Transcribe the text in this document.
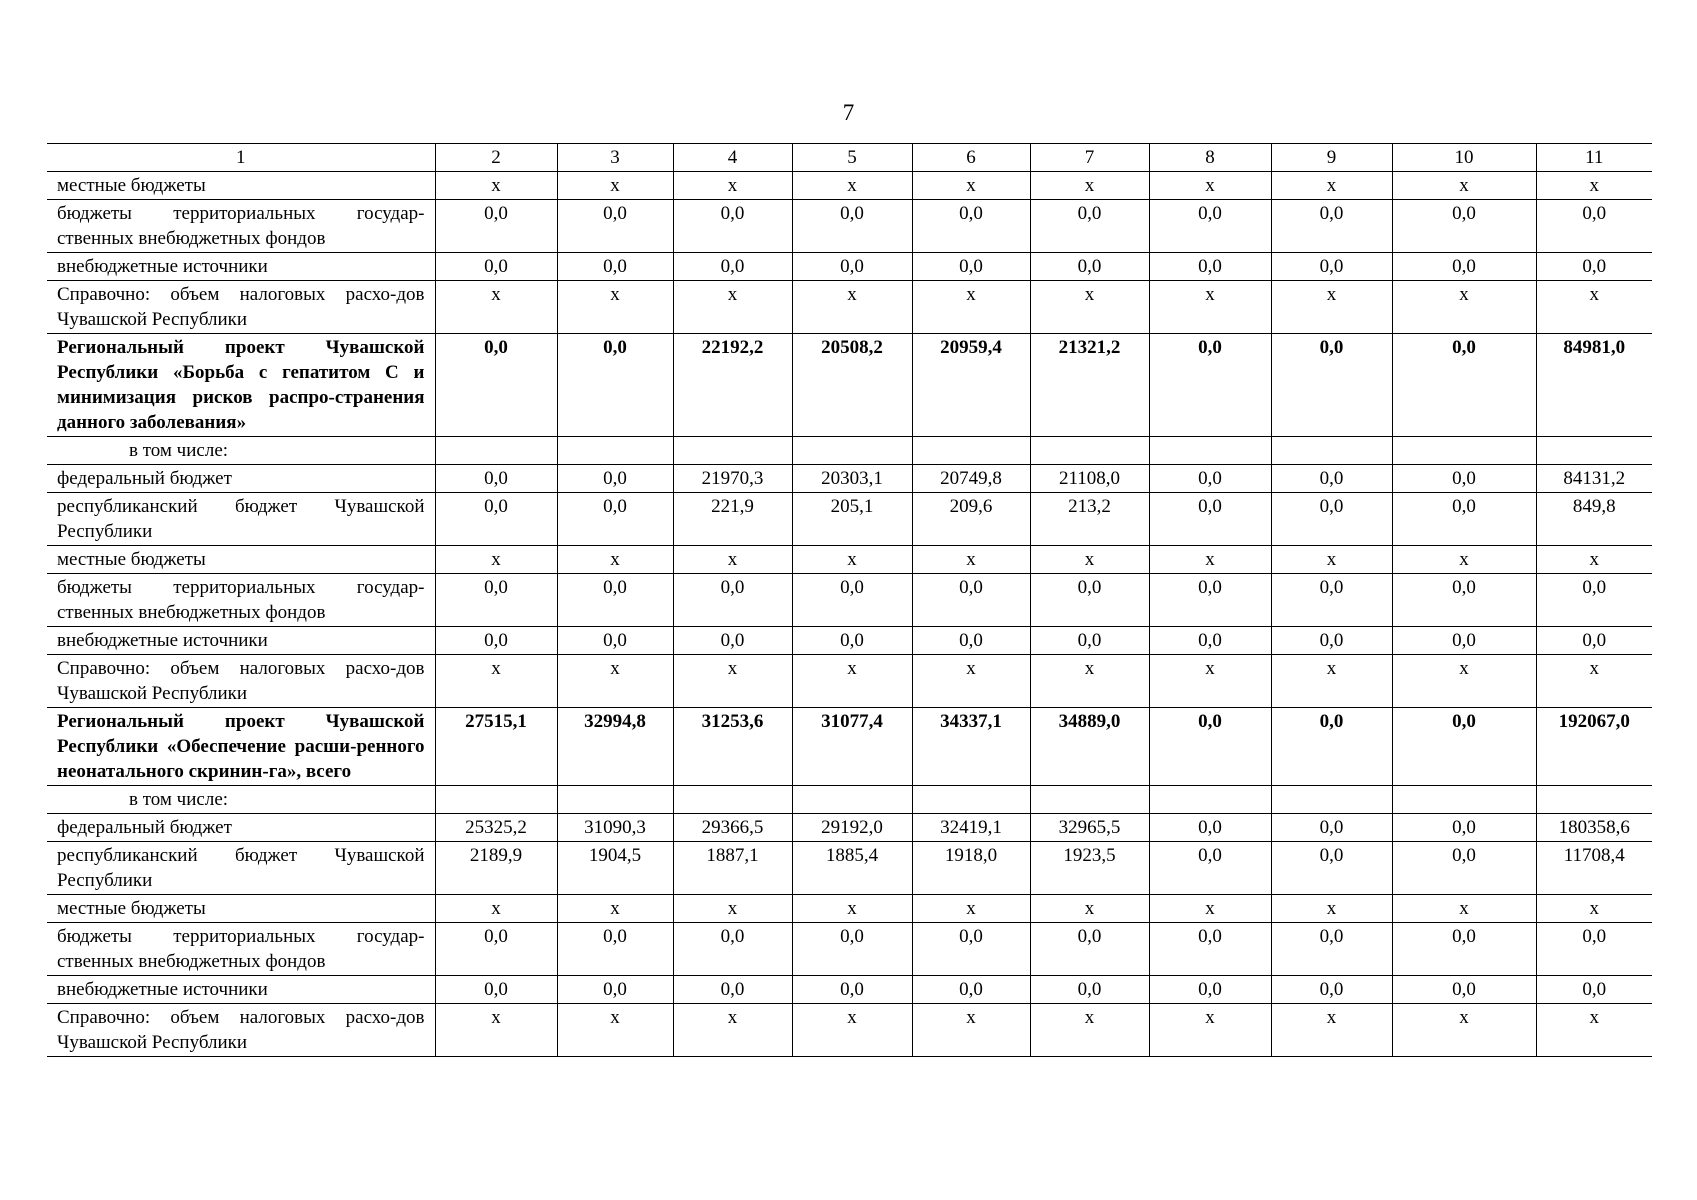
7
1	2	3	4	5	6	7	8	9	10	11
местные бюджеты	х	х	х	х	х	х	х	х	х	х
бюджеты территориальных государ-ственных внебюджетных фондов	0,0	0,0	0,0	0,0	0,0	0,0	0,0	0,0	0,0	0,0
внебюджетные источники	0,0	0,0	0,0	0,0	0,0	0,0	0,0	0,0	0,0	0,0
Справочно: объем налоговых расхо-дов Чувашской Республики	х	х	х	х	х	х	х	х	х	х
Региональный проект Чувашской Республики «Борьба с гепатитом С и минимизация рисков распро-странения данного заболевания»	0,0	0,0	22192,2	20508,2	20959,4	21321,2	0,0	0,0	0,0	84981,0
в том числе:										
федеральный бюджет	0,0	0,0	21970,3	20303,1	20749,8	21108,0	0,0	0,0	0,0	84131,2
республиканский бюджет Чувашской Республики	0,0	0,0	221,9	205,1	209,6	213,2	0,0	0,0	0,0	849,8
местные бюджеты	х	х	х	х	х	х	х	х	х	х
бюджеты территориальных государ-ственных внебюджетных фондов	0,0	0,0	0,0	0,0	0,0	0,0	0,0	0,0	0,0	0,0
внебюджетные источники	0,0	0,0	0,0	0,0	0,0	0,0	0,0	0,0	0,0	0,0
Справочно: объем налоговых расхо-дов Чувашской Республики	х	х	х	х	х	х	х	х	х	х
Региональный проект Чувашской Республики «Обеспечение расши-ренного неонатального скринин-га», всего	27515,1	32994,8	31253,6	31077,4	34337,1	34889,0	0,0	0,0	0,0	192067,0
в том числе:										
федеральный бюджет	25325,2	31090,3	29366,5	29192,0	32419,1	32965,5	0,0	0,0	0,0	180358,6
республиканский бюджет Чувашской Республики	2189,9	1904,5	1887,1	1885,4	1918,0	1923,5	0,0	0,0	0,0	11708,4
местные бюджеты	х	х	х	х	х	х	х	х	х	х
бюджеты территориальных государ-ственных внебюджетных фондов	0,0	0,0	0,0	0,0	0,0	0,0	0,0	0,0	0,0	0,0
внебюджетные источники	0,0	0,0	0,0	0,0	0,0	0,0	0,0	0,0	0,0	0,0
Справочно: объем налоговых расхо-дов Чувашской Республики	х	х	х	х	х	х	х	х	х	х
